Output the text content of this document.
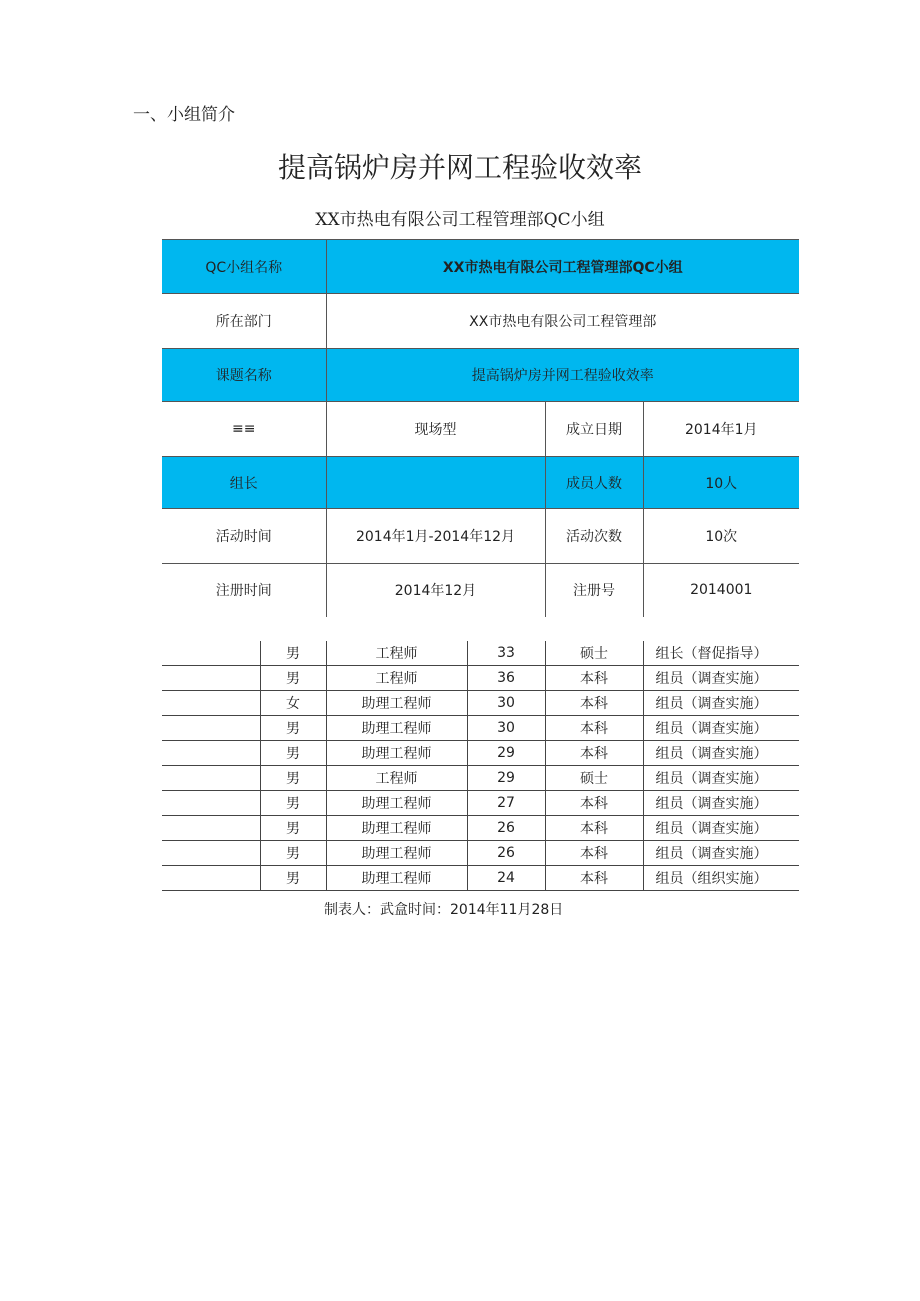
一、小组简介
提高锅炉房并网工程验收效率
XX市热电有限公司工程管理部QC小组
QC小组名称	XX市热电有限公司工程管理部QC小组		
所在部门	XX市热电有限公司工程管理部		
课题名称	提高锅炉房并网工程验收效率		
≡≡	现场型	成立日期	2014年1月
组长		成员人数	10人
活动时间	2014年1月-2014年12月	活动次数	10次
注册时间	2014年12月	注册号	2014001
	男	工程师	33	硕士	组长（督促指导）
	男	工程师	36	本科	组员（调查实施）
	女	助理工程师	30	本科	组员（调查实施）
	男	助理工程师	30	本科	组员（调查实施）
	男	助理工程师	29	本科	组员（调查实施）
	男	工程师	29	硕士	组员（调查实施）
	男	助理工程师	27	本科	组员（调查实施）
	男	助理工程师	26	本科	组员（调查实施）
	男	助理工程师	26	本科	组员（调查实施）
	男	助理工程师	24	本科	组员（组织实施）
制表人：武盒时间：2014年11月28日
